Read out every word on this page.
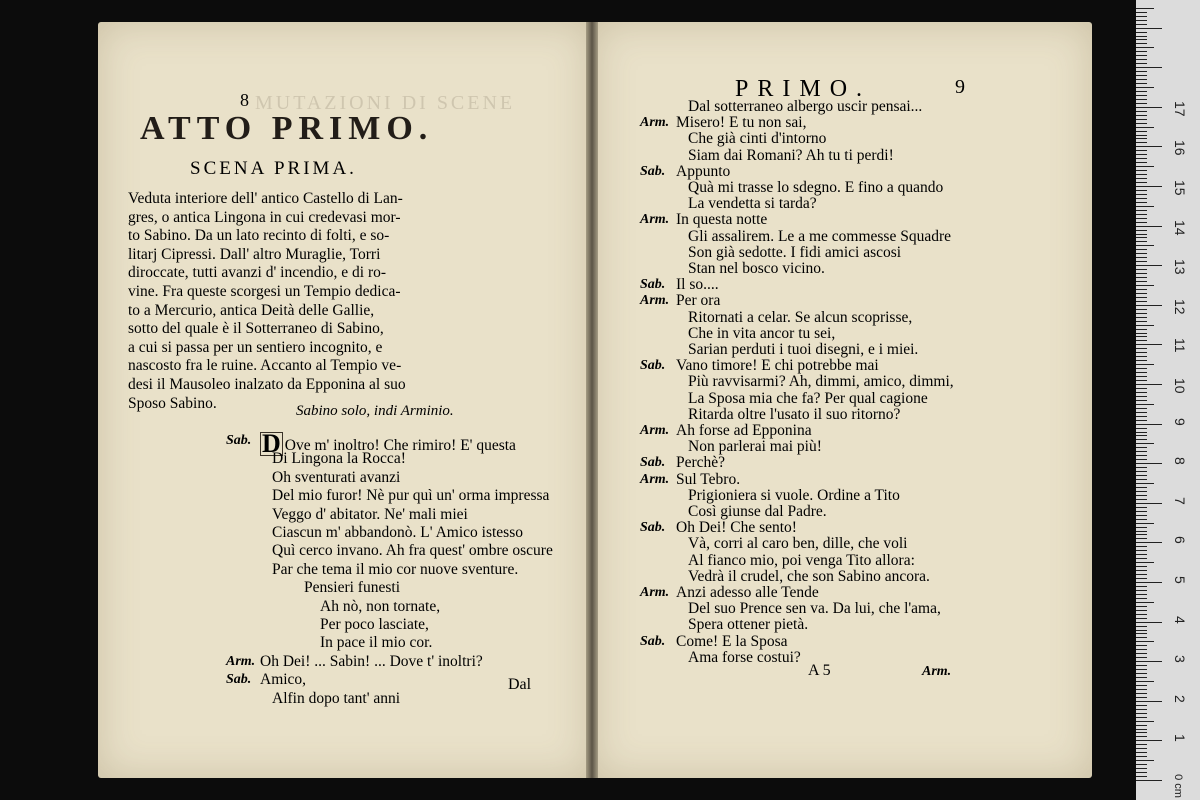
MUTAZIONI DI SCENE
8
ATTO PRIMO.
SCENA PRIMA.
Veduta interiore dell' antico Castello di Lan-
gres, o antica Lingona in cui credevasi mor-
to Sabino. Da un lato recinto di folti, e so-
litarj Cipressi. Dall' altro Muraglie, Torri
diroccate, tutti avanzi d' incendio, e di ro-
vine. Fra queste scorgesi un Tempio dedica-
to a Mercurio, antica Deità delle Gallie,
sotto del quale è il Sotterraneo di Sabino,
a cui si passa per un sentiero incognito, e
nascosto fra le ruine. Accanto al Tempio ve-
desi il Mausoleo inalzato da Epponina al suo
Sposo Sabino.	Sabino solo, indi Arminio.
Sab. D Ove m' inoltro! Che rimiro! E' questa
Di Lingona la Rocca!
Oh sventurati avanzi
Del mio furor! Nè pur quì un' orma impressa
Veggo d' abitator. Ne' mali miei
Ciascun m' abbandonò. L' Amico istesso
Quì cerco invano. Ah fra quest' ombre oscure
Par che tema il mio cor nuove sventure.
Pensieri funesti
Ah nò, non tornate,
Per poco lasciate,
In pace il mio cor.
Arm. Oh Dei! ... Sabin! ... Dove t' inoltri?
Sab. Amico,
Alfin dopo tant' anni
Dal
PRIMO.	9
Dal sotterraneo albergo uscir pensai...
Arm. Misero! E tu non sai,
Che già cinti d'intorno
Siam dai Romani? Ah tu ti perdi!
Sab. Appunto
Quà mi trasse lo sdegno. E fino a quando
La vendetta si tarda?
Arm. In questa notte
Gli assalirem. Le a me commesse Squadre
Son già sedotte. I fidi amici ascosi
Stan nel bosco vicino.
Sab. Il so....
Arm. Per ora
Ritornati a celar. Se alcun scoprisse,
Che in vita ancor tu sei,
Sarian perduti i tuoi disegni, e i miei.
Sab. Vano timore! E chi potrebbe mai
Più ravvisarmi? Ah, dimmi, amico, dimmi,
La Sposa mia che fa? Per qual cagione
Ritarda oltre l'usato il suo ritorno?
Arm. Ah forse ad Epponina
Non parlerai mai più!
Sab. Perchè?
Arm. Sul Tebro.
Prigioniera si vuole. Ordine a Tito
Così giunse dal Padre.
Sab. Oh Dei! Che sento!
Và, corri al caro ben, dille, che voli
Al fianco mio, poi venga Tito allora:
Vedrà il crudel, che son Sabino ancora.
Arm. Anzi adesso alle Tende
Del suo Prence sen va. Da lui, che l'ama,
Spera ottener pietà.
Sab. Come! E la Sposa
Ama forse costui?
A 5	Arm.
0 cm
1
2
3
4
5
6
7
8
9
10
11
12
13
14
15
16
17
